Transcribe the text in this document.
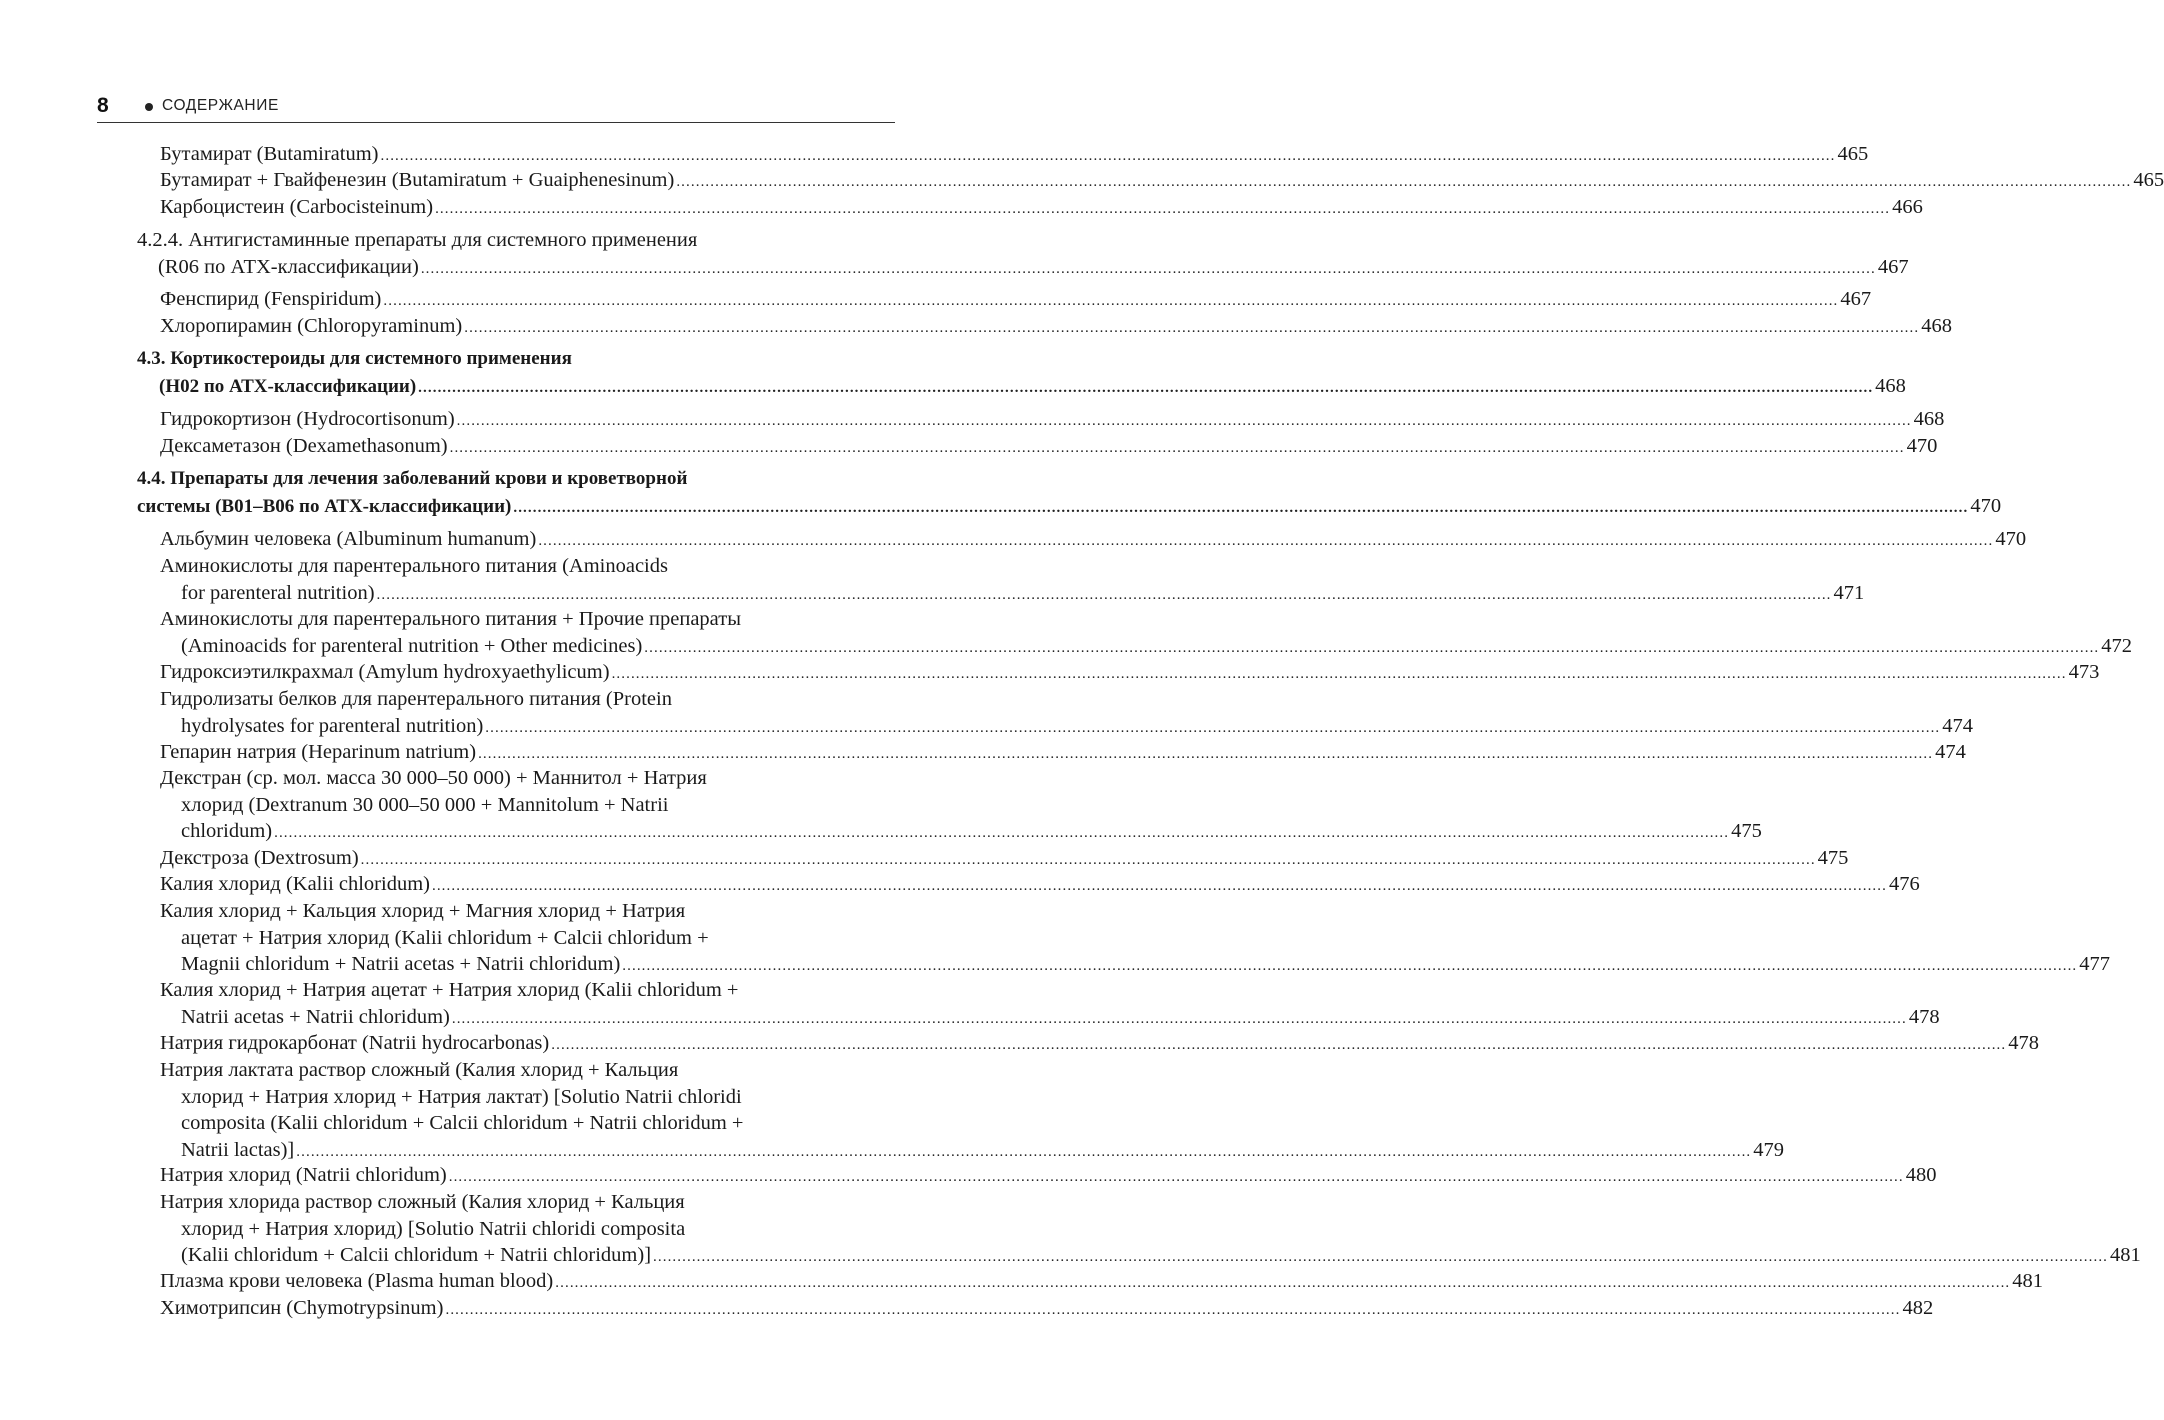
8	СОДЕРЖАНИЕ
Бутамират (Butamiratum) ............................................................................................................................................................................................................................................................................................................ 465
Бутамират + Гвайфенезин (Butamiratum + Guaiphenesinum) ............................................................................................................................................................................................................................................................................................................ 465
Карбоцистеин (Carbocisteinum) ............................................................................................................................................................................................................................................................................................................ 466
4.2.4. Антигистаминные препараты для системного применения
(R06 по АТХ-классификации) ............................................................................................................................................................................................................................................................................................................ 467
Фенспирид (Fenspiridum) ............................................................................................................................................................................................................................................................................................................ 467
Хлоропирамин (Chloropyraminum) ............................................................................................................................................................................................................................................................................................................ 468
4.3. Кортикостероиды для системного применения
(H02 по АТХ-классификации) ............................................................................................................................................................................................................................................................................................................ 468
Гидрокортизон (Hydrocortisonum) ............................................................................................................................................................................................................................................................................................................ 468
Дексаметазон (Dexamethasonum) ............................................................................................................................................................................................................................................................................................................ 470
4.4. Препараты для лечения заболеваний крови и кроветворной
системы (B01–B06 по АТХ-классификации) ............................................................................................................................................................................................................................................................................................................ 470
Альбумин человека (Albuminum humanum) ............................................................................................................................................................................................................................................................................................................ 470
Аминокислоты для парентерального питания (Aminoacids
for parenteral nutrition) ............................................................................................................................................................................................................................................................................................................ 471
Аминокислоты для парентерального питания + Прочие препараты
(Aminoacids for parenteral nutrition + Other medicines) ............................................................................................................................................................................................................................................................................................................ 472
Гидроксиэтилкрахмал (Amylum hydroxyaethylicum) ............................................................................................................................................................................................................................................................................................................ 473
Гидролизаты белков для парентерального питания (Protein
hydrolysates for parenteral nutrition) ............................................................................................................................................................................................................................................................................................................ 474
Гепарин натрия (Heparinum natrium) ............................................................................................................................................................................................................................................................................................................ 474
Декстран (ср. мол. масса 30 000–50 000) + Маннитол + Натрия
хлорид (Dextranum 30 000–50 000 + Mannitolum + Natrii
chloridum) ............................................................................................................................................................................................................................................................................................................ 475
Декстроза (Dextrosum) ............................................................................................................................................................................................................................................................................................................ 475
Калия хлорид (Kalii chloridum) ............................................................................................................................................................................................................................................................................................................ 476
Калия хлорид + Кальция хлорид + Магния хлорид + Натрия
ацетат + Натрия хлорид (Kalii chloridum + Calcii chloridum +
Magnii chloridum + Natrii acetas + Natrii chloridum) ............................................................................................................................................................................................................................................................................................................ 477
Калия хлорид + Натрия ацетат + Натрия хлорид (Kalii chloridum +
Natrii acetas + Natrii chloridum) ............................................................................................................................................................................................................................................................................................................ 478
Натрия гидрокарбонат (Natrii hydrocarbonas) ............................................................................................................................................................................................................................................................................................................ 478
Натрия лактата раствор сложный (Калия хлорид + Кальция
хлорид + Натрия хлорид + Натрия лактат) [Solutio Natrii chloridi
composita (Kalii chloridum + Calcii chloridum + Natrii chloridum +
Natrii lactas)] ............................................................................................................................................................................................................................................................................................................ 479
Натрия хлорид (Natrii chloridum) ............................................................................................................................................................................................................................................................................................................ 480
Натрия хлорида раствор сложный (Калия хлорид + Кальция
хлорид + Натрия хлорид) [Solutio Natrii chloridi composita
(Kalii chloridum + Calcii chloridum + Natrii chloridum)] ............................................................................................................................................................................................................................................................................................................ 481
Плазма крови человека (Plasma human blood) ............................................................................................................................................................................................................................................................................................................ 481
Химотрипсин (Chymotrypsinum) ............................................................................................................................................................................................................................................................................................................ 482
